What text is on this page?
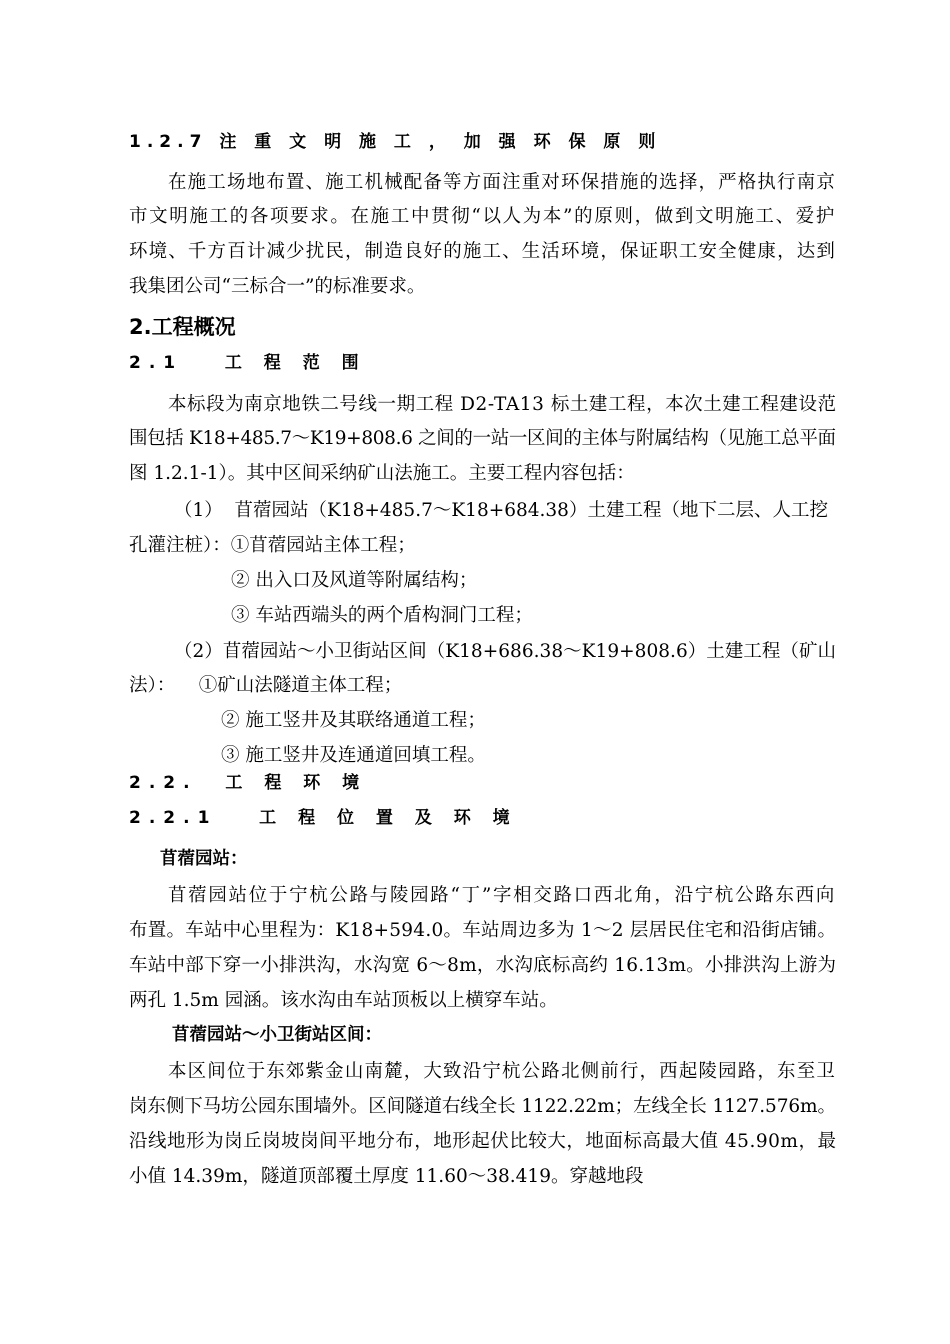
1.2.7 注 重 文 明 施 工 ， 加 强 环 保 原 则
在施工场地布置、施工机械配备等方面注重对环保措施的选择，严格执行南京
市文明施工的各项要求。在施工中贯彻“以人为本”的原则，做到文明施工、爱护
环境、千方百计减少扰民，制造良好的施工、生活环境，保证职工安全健康，达到
我集团公司“三标合一”的标准要求。
2.工程概况
2.1   工 程 范 围
本标段为南京地铁二号线一期工程 D2-TA13 标土建工程，本次土建工程建设范
围包括 K18+485.7～K19+808.6 之间的一站一区间的主体与附属结构（见施工总平面
图 1.2.1-1）。其中区间采纳矿山法施工。主要工程内容包括：
（1）  苜蓿园站（K18+485.7～K18+684.38）土建工程（地下二层、人工挖
孔灌注桩）：①苜蓿园站主体工程；
② 出入口及风道等附属结构；
③ 车站西端头的两个盾构洞门工程；
（2）苜蓿园站～小卫街站区间（K18+686.38～K19+808.6）土建工程（矿山
法）：    ①矿山法隧道主体工程；
② 施工竖井及其联络通道工程；
③ 施工竖井及连通道回填工程。
2.2.  工 程 环 境
2.2.1   工 程 位 置 及 环 境
苜蓿园站：
苜蓿园站位于宁杭公路与陵园路“丁”字相交路口西北角，沿宁杭公路东西向
布置。车站中心里程为：K18+594.0。车站周边多为 1～2 层居民住宅和沿街店铺。
车站中部下穿一小排洪沟，水沟宽 6～8m，水沟底标高约 16.13m。小排洪沟上游为
两孔 1.5m 园涵。该水沟由车站顶板以上横穿车站。
苜蓿园站～小卫街站区间：
本区间位于东郊紫金山南麓，大致沿宁杭公路北侧前行，西起陵园路，东至卫
岗东侧下马坊公园东围墙外。区间隧道右线全长 1122.22m；左线全长 1127.576m。
沿线地形为岗丘岗坡岗间平地分布，地形起伏比较大，地面标高最大值 45.90m，最
小值 14.39m，隧道顶部覆土厚度 11.60～38.419。穿越地段
